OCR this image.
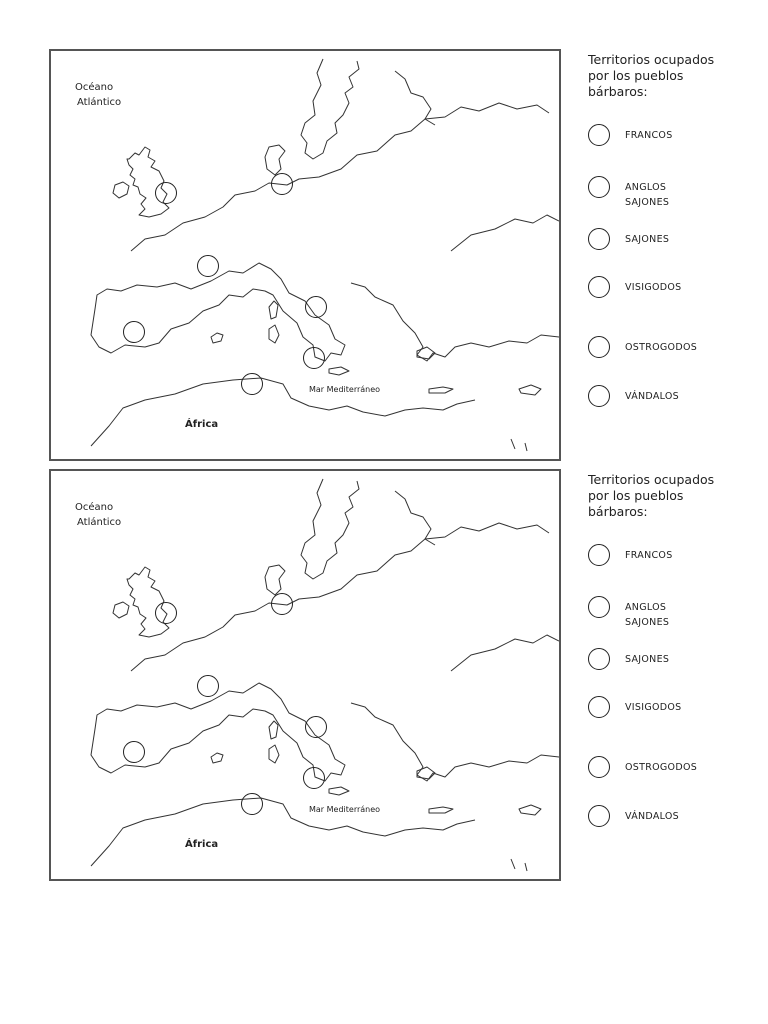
Océano
Atlántico
Mar Mediterráneo
África
Territorios ocupados
por los pueblos
bárbaros:
FRANCOS
ANGLOS
SAJONES
SAJONES
VISIGODOS
OSTROGODOS
VÁNDALOS
Océano
Atlántico
Mar Mediterráneo
África
Territorios ocupados
por los pueblos
bárbaros:
FRANCOS
ANGLOS
SAJONES
SAJONES
VISIGODOS
OSTROGODOS
VÁNDALOS
